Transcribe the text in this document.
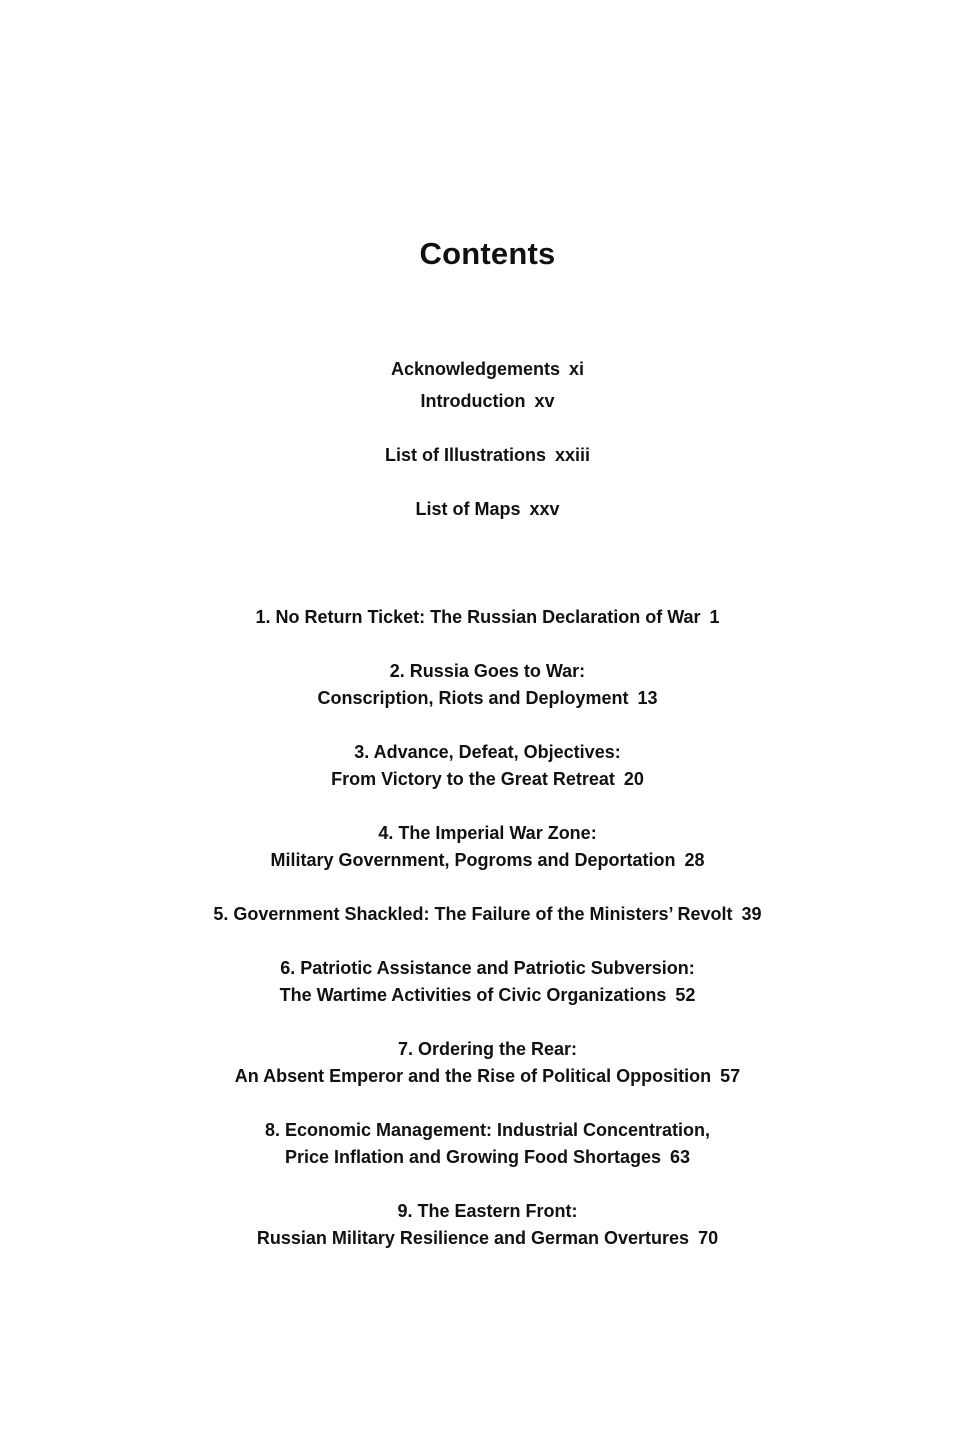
Contents
Acknowledgements xi
Introduction xv
List of Illustrations xxiii
List of Maps xxv
1. No Return Ticket: The Russian Declaration of War 1
2. Russia Goes to War:
Conscription, Riots and Deployment 13
3. Advance, Defeat, Objectives:
From Victory to the Great Retreat 20
4. The Imperial War Zone:
Military Government, Pogroms and Deportation 28
5. Government Shackled: The Failure of the Ministers’ Revolt 39
6. Patriotic Assistance and Patriotic Subversion:
The Wartime Activities of Civic Organizations 52
7. Ordering the Rear:
An Absent Emperor and the Rise of Political Opposition 57
8. Economic Management: Industrial Concentration,
Price Inflation and Growing Food Shortages 63
9. The Eastern Front:
Russian Military Resilience and German Overtures 70
